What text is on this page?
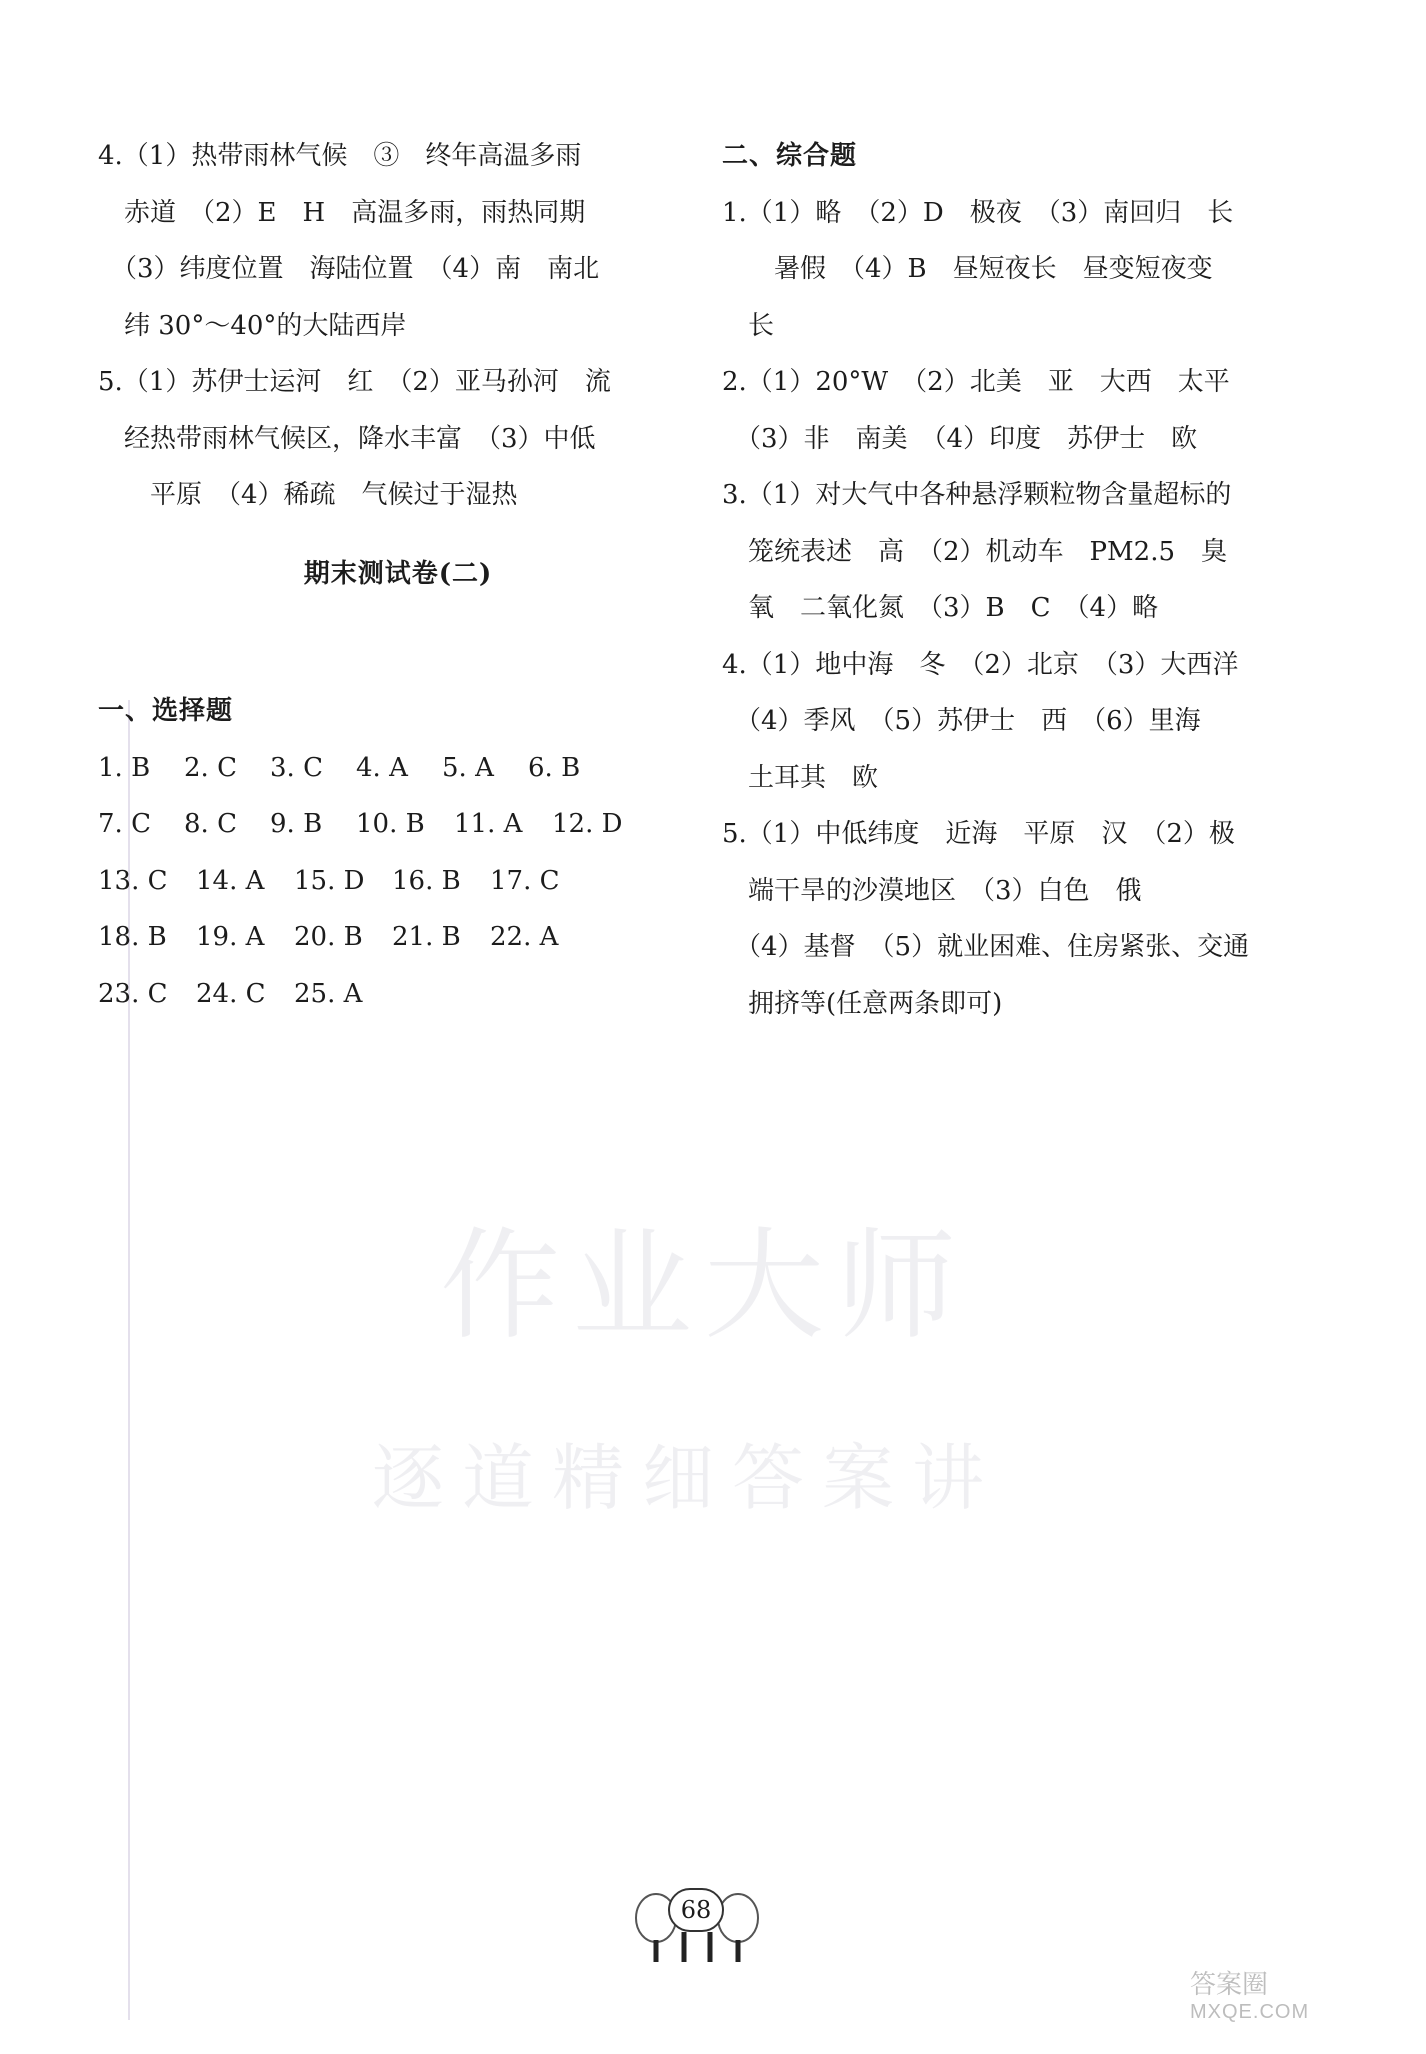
作业大师
逐道精细答案讲
4.（1）热带雨林气候　③　终年高温多雨
　赤道　（2）E　H　高温多雨，雨热同期
　（3）纬度位置　海陆位置　（4）南　南北
　纬 30°～40°的大陆西岸
5.（1）苏伊士运河　红　（2）亚马孙河　流
　经热带雨林气候区，降水丰富　（3）中低
　　平原　（4）稀疏　气候过于湿热
期末测试卷(二)
一、选择题
1. B 2. C 3. C 4. A 5. A 6. B
7. C 8. C 9. B 10. B 11. A 12. D
13. C 14. A 15. D 16. B 17. C
18. B 19. A 20. B 21. B 22. A
23. C 24. C 25. A
二、综合题
1.（1）略　（2）D　极夜　（3）南回归　长
　　暑假　（4）B　昼短夜长　昼变短夜变
　长
2.（1）20°W　（2）北美　亚　大西　太平
　（3）非　南美　（4）印度　苏伊士　欧
3.（1）对大气中各种悬浮颗粒物含量超标的
　笼统表述　高　（2）机动车　PM2.5　臭
　氧　二氧化氮　（3）B　C　（4）略
4.（1）地中海　冬　（2）北京　（3）大西洋
　（4）季风　（5）苏伊士　西　（6）里海
　土耳其　欧
5.（1）中低纬度　近海　平原　汉　（2）极
　端干旱的沙漠地区　（3）白色　俄
　（4）基督　（5）就业困难、住房紧张、交通
　拥挤等(任意两条即可)
68
答案圈
MXQE.COM
